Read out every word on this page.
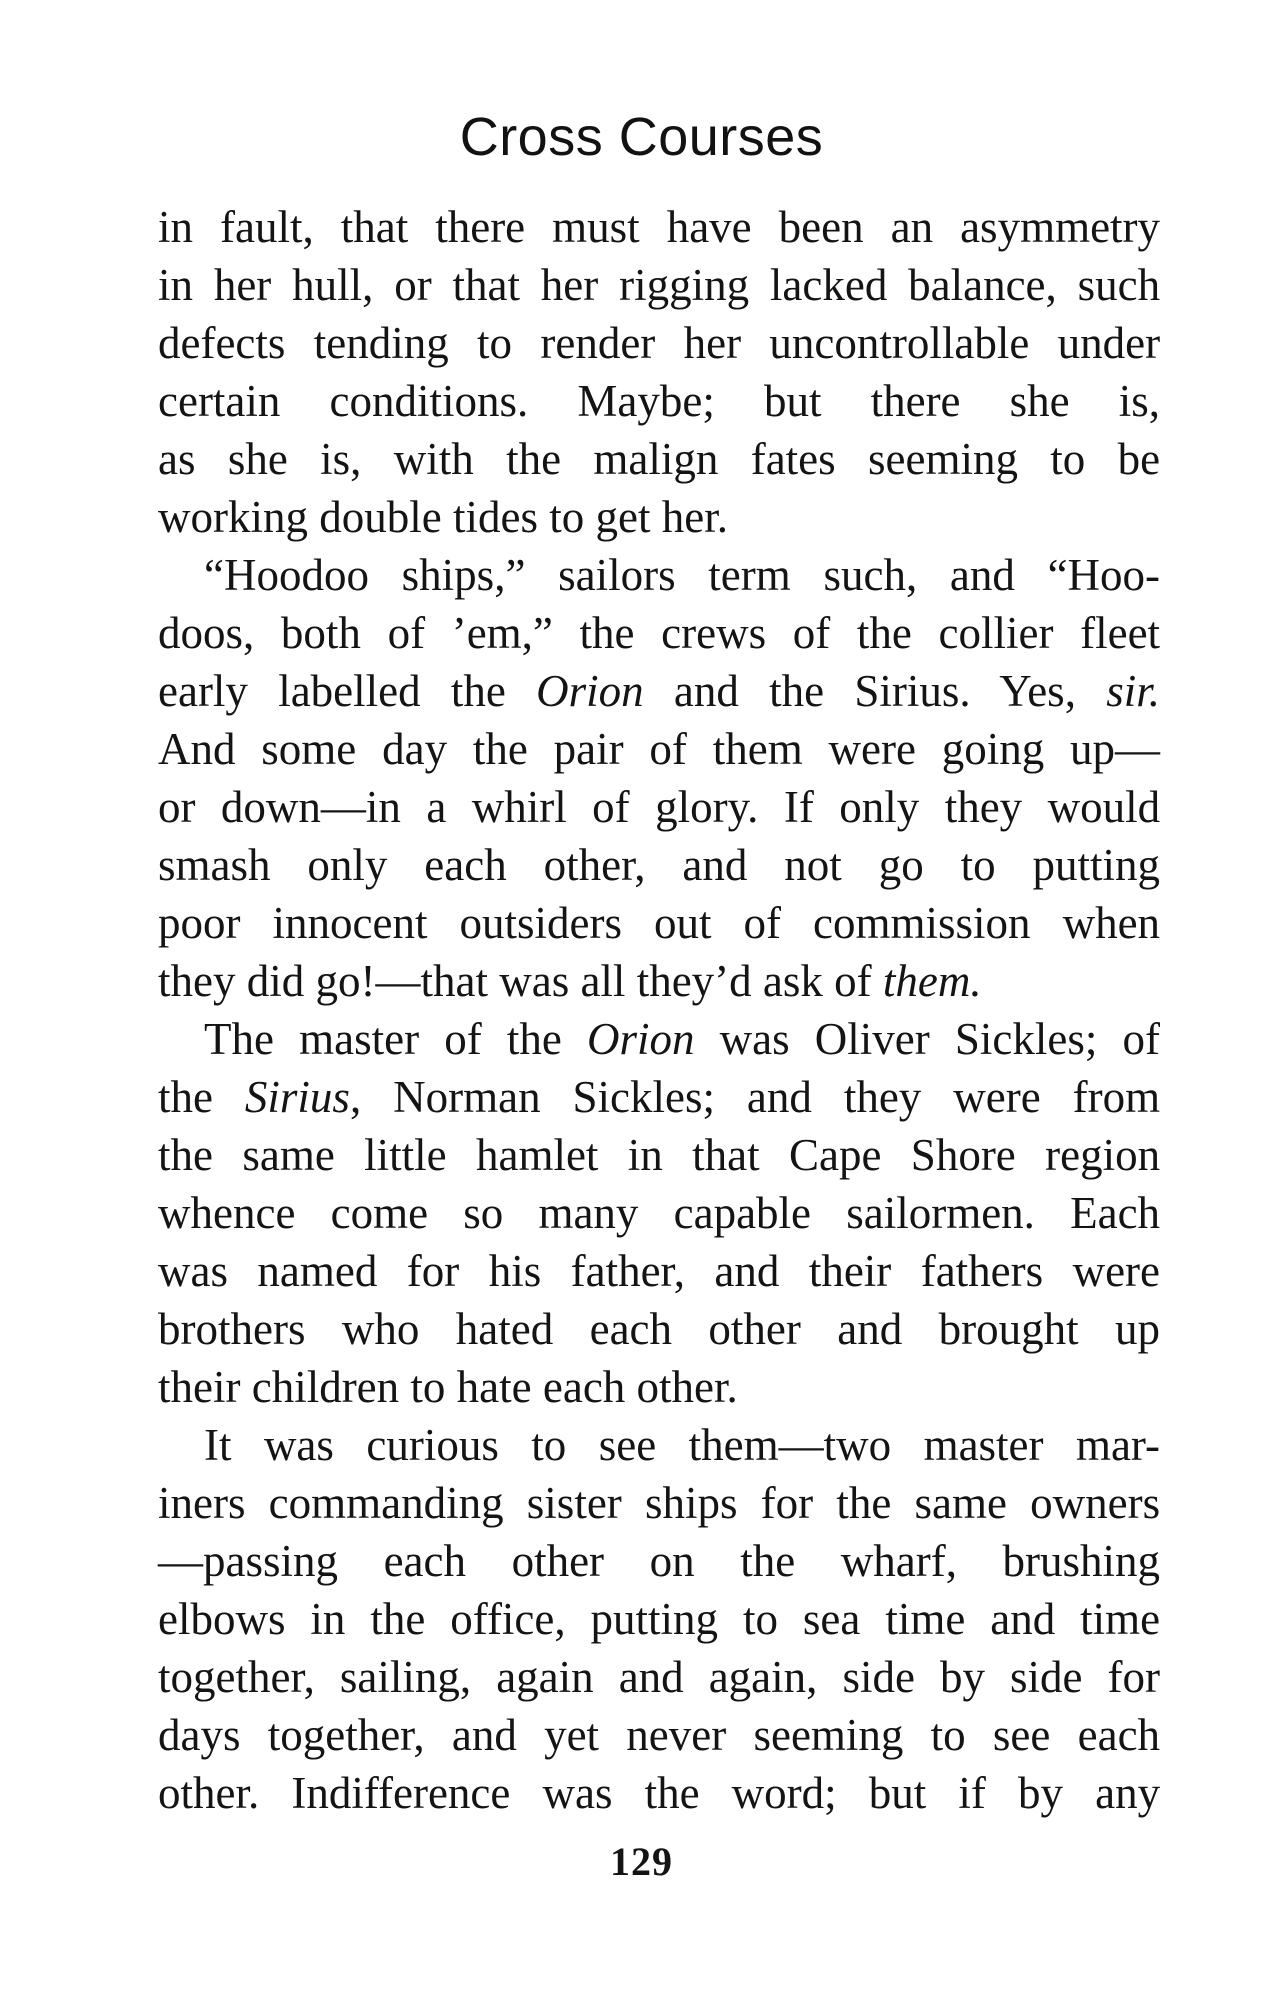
Cross Courses
in fault, that there must have been an asymmetry
in her hull, or that her rigging lacked balance, such
defects tending to render her uncontrollable under
certain conditions. Maybe; but there she is,
as she is, with the malign fates seeming to be
working double tides to get her.
“Hoodoo ships,” sailors term such, and “Hoo-
doos, both of ’em,” the crews of the collier fleet
early labelled the Orion and the Sirius. Yes, sir.
And some day the pair of them were going up—
or down—in a whirl of glory. If only they would
smash only each other, and not go to putting
poor innocent outsiders out of commission when
they did go!—that was all they’d ask of them.
The master of the Orion was Oliver Sickles; of
the Sirius, Norman Sickles; and they were from
the same little hamlet in that Cape Shore region
whence come so many capable sailormen. Each
was named for his father, and their fathers were
brothers who hated each other and brought up
their children to hate each other.
It was curious to see them—two master mar-
iners commanding sister ships for the same owners
—passing each other on the wharf, brushing
elbows in the office, putting to sea time and time
together, sailing, again and again, side by side for
days together, and yet never seeming to see each
other. Indifference was the word; but if by any
129
